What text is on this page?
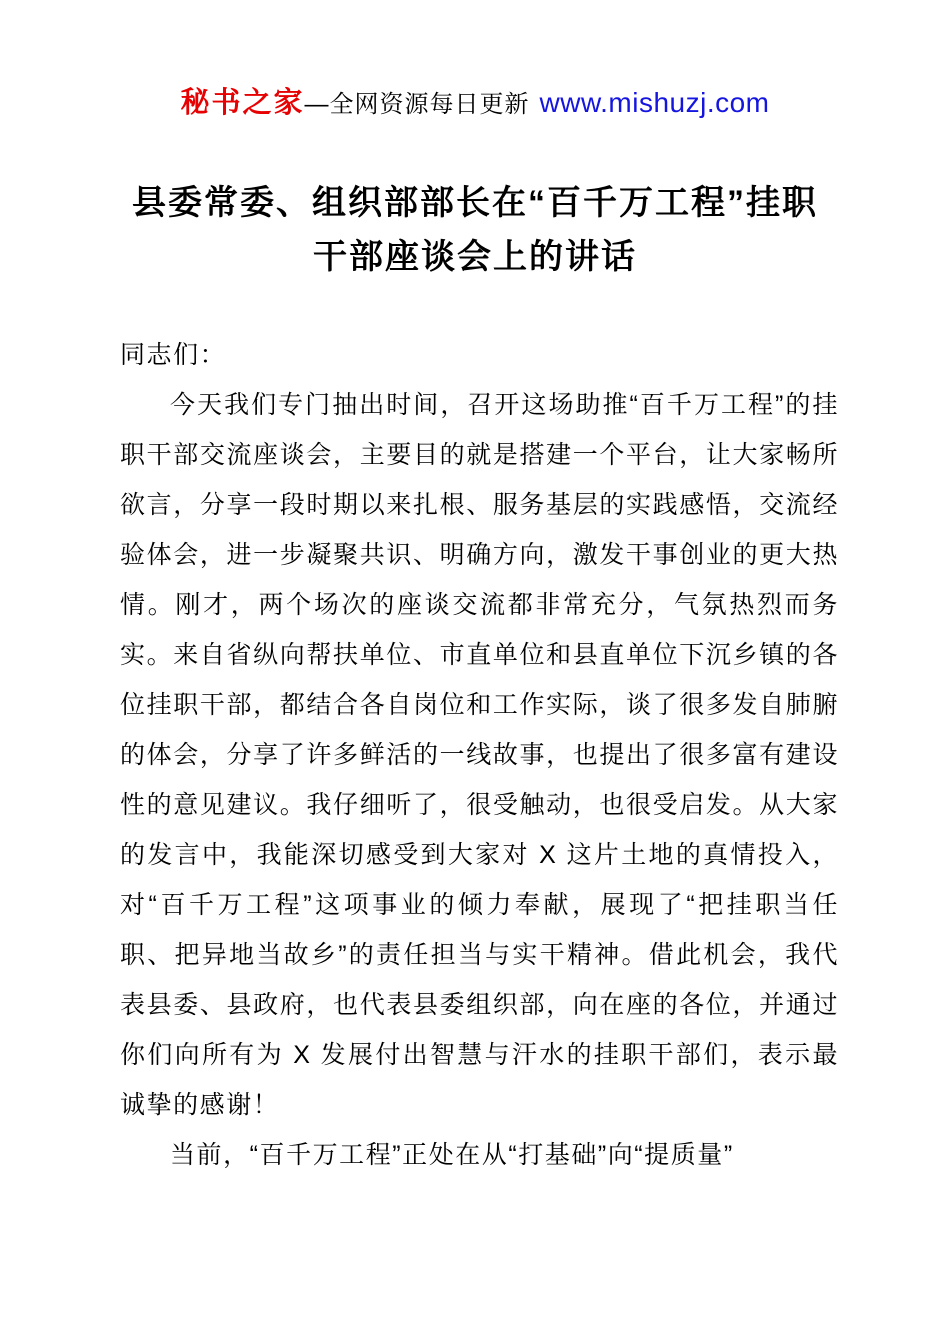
秘书之家—全网资源每日更新 www.mishuzj.com
县委常委、组织部部长在“百千万工程”挂职
干部座谈会上的讲话

同志们：

今天我们专门抽出时间，召开这场助推“百千万工程”的挂职干部交流座谈会，主要目的就是搭建一个平台，让大家畅所欲言，分享一段时期以来扎根、服务基层的实践感悟，交流经验体会，进一步凝聚共识、明确方向，激发干事创业的更大热情。刚才，两个场次的座谈交流都非常充分，气氛热烈而务实。来自省纵向帮扶单位、市直单位和县直单位下沉乡镇的各位挂职干部，都结合各自岗位和工作实际，谈了很多发自肺腑的体会，分享了许多鲜活的一线故事，也提出了很多富有建设性的意见建议。我仔细听了，很受触动，也很受启发。从大家的发言中，我能深切感受到大家对 X 这片土地的真情投入，对“百千万工程”这项事业的倾力奉献，展现了“把挂职当任职、把异地当故乡”的责任担当与实干精神。借此机会，我代表县委、县政府，也代表县委组织部，向在座的各位，并通过你们向所有为 X 发展付出智慧与汗水的挂职干部们，表示最诚挚的感谢！

当前，“百千万工程”正处在从“打基础”向“提质量”
